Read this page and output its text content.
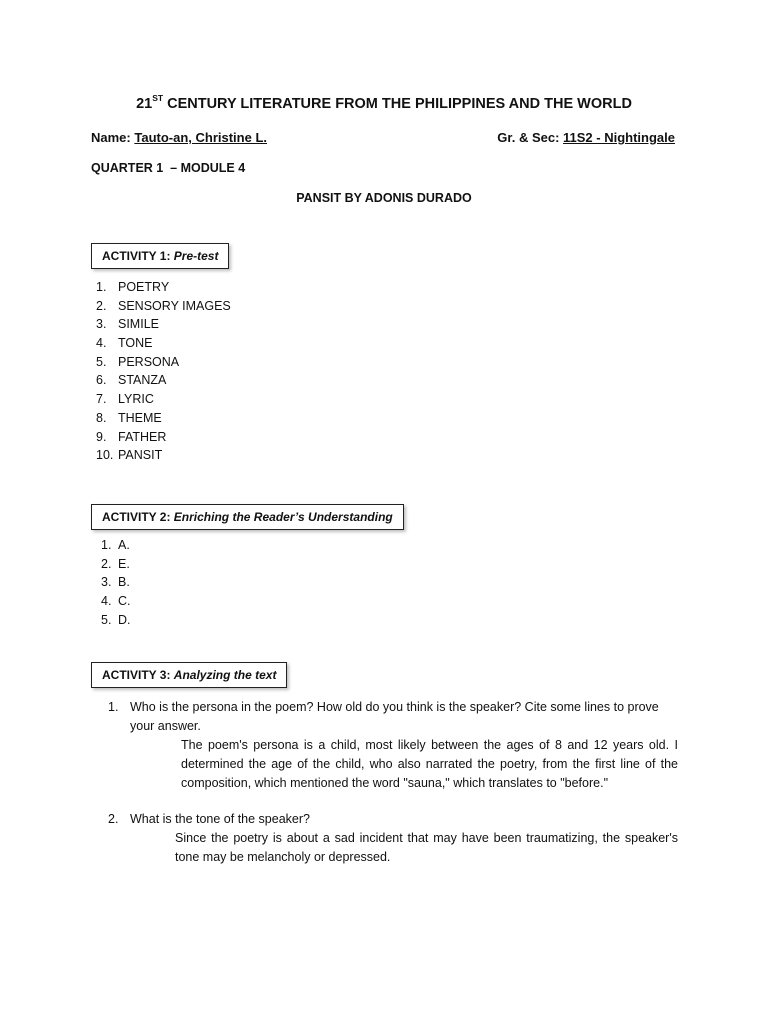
21ST CENTURY LITERATURE FROM THE PHILIPPINES AND THE WORLD
Name: Tauto-an, Christine L.	Gr. & Sec: 11S2 - Nightingale
QUARTER 1  – MODULE 4
PANSIT BY ADONIS DURADO
ACTIVITY 1: Pre-test
1. POETRY
2. SENSORY IMAGES
3. SIMILE
4. TONE
5. PERSONA
6. STANZA
7. LYRIC
8. THEME
9. FATHER
10. PANSIT
ACTIVITY 2: Enriching the Reader’s Understanding
1. A.
2. E.
3. B.
4. C.
5. D.
ACTIVITY 3: Analyzing the text
1. Who is the persona in the poem? How old do you think is the speaker? Cite some lines to prove your answer.
The poem's persona is a child, most likely between the ages of 8 and 12 years old. I determined the age of the child, who also narrated the poetry, from the first line of the composition, which mentioned the word "sauna," which translates to "before."
2. What is the tone of the speaker?
Since the poetry is about a sad incident that may have been traumatizing, the speaker's tone may be melancholy or depressed.
